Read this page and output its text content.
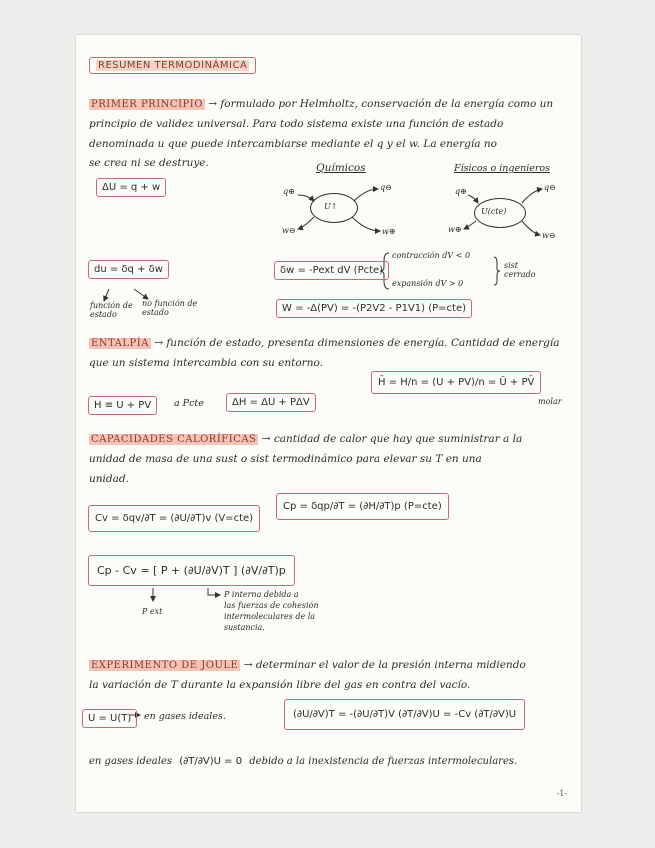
RESUMEN TERMODINÁMICA
PRIMER PRINCIPIO → formulado por Helmholtz, conservación de la energía como un
principio de validez universal. Para todo sistema existe una función de estado
denominada u que puede intercambiarse mediante el q y el w. La energía no
se crea ni se destruye.
ΔU = q + w
Químicos	Físicos o ingenieros
U↑
q⊕	q⊖
w⊖	w⊕
U(cte)
q⊕	q⊖
w⊕
w⊖
du = δq + δw
función de estado
no función de estado
δw = -Pext dV (Pcte)
contracción dV < 0
expansión dV > 0
sist cerrado
W = -Δ(PV) = -(P2V2 - P1V1) (P=cte)
ENTALPÍA → función de estado, presenta dimensiones de energía. Cantidad de energía
que un sistema intercambia con su entorno.
H ≡ U + PV	a Pcte	ΔH = ΔU + PΔV
H̄ = H/n = (U + PV)/n = Ū + PV̄
molar
CAPACIDADES CALORÍFICAS → cantidad de calor que hay que suministrar a la
unidad de masa de una sust o sist termodinámico para elevar su T en una
unidad.
Cv = δqv/∂T = (∂U/∂T)v (V=cte)
Cp = δqp/∂T = (∂H/∂T)p (P=cte)
Cp - Cv = [ P + (∂U/∂V)T ] (∂V/∂T)p
P ext
P interna debida a
las fuerzas de cohesión
intermoleculares de la
sustancia.
EXPERIMENTO DE JOULE → determinar el valor de la presión interna midiendo
la variación de T durante la expansión libre del gas en contra del vacío.
U = U(T)	en gases ideales.	(∂U/∂V)T = -(∂U/∂T)V (∂T/∂V)U = -Cv (∂T/∂V)U
en gases ideales (∂T/∂V)U = 0 debido a la inexistencia de fuerzas intermoleculares.
-1-
